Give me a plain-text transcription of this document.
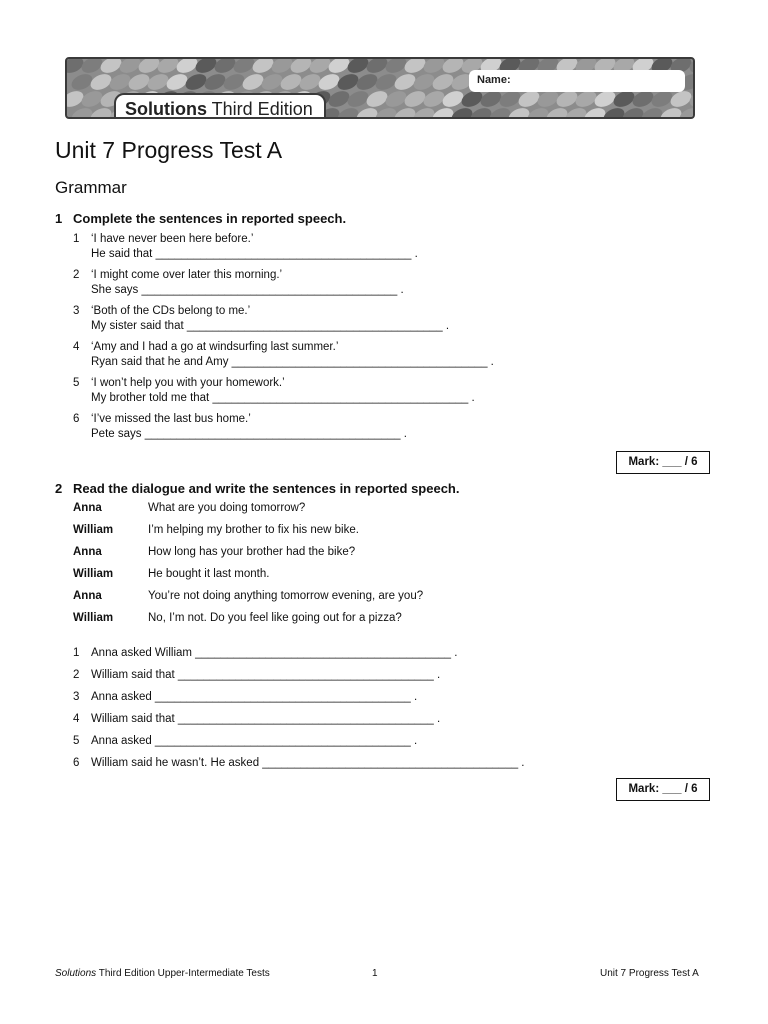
Name:
Solutions Third Edition
Unit 7 Progress Test A
Grammar
1 Complete the sentences in reported speech.
1 ‘I have never been here before.’
He said that ________________________________________ .
2 ‘I might come over later this morning.’
She says ________________________________________ .
3 ‘Both of the CDs belong to me.’
My sister said that ________________________________________ .
4 ‘Amy and I had a go at windsurfing last summer.’
Ryan said that he and Amy ________________________________________ .
5 ‘I won’t help you with your homework.’
My brother told me that ________________________________________ .
6 ‘I’ve missed the last bus home.’
Pete says ________________________________________ .
Mark: ___ / 6
2 Read the dialogue and write the sentences in reported speech.
Anna	What are you doing tomorrow?
William	I’m helping my brother to fix his new bike.
Anna	How long has your brother had the bike?
William	He bought it last month.
Anna	You’re not doing anything tomorrow evening, are you?
William	No, I’m not. Do you feel like going out for a pizza?
1 Anna asked William ________________________________________ .
2 William said that ________________________________________ .
3 Anna asked ________________________________________ .
4 William said that ________________________________________ .
5 Anna asked ________________________________________ .
6 William said he wasn’t. He asked ________________________________________ .
Mark: ___ / 6
Solutions Third Edition Upper-Intermediate Tests	1	Unit 7 Progress Test A
